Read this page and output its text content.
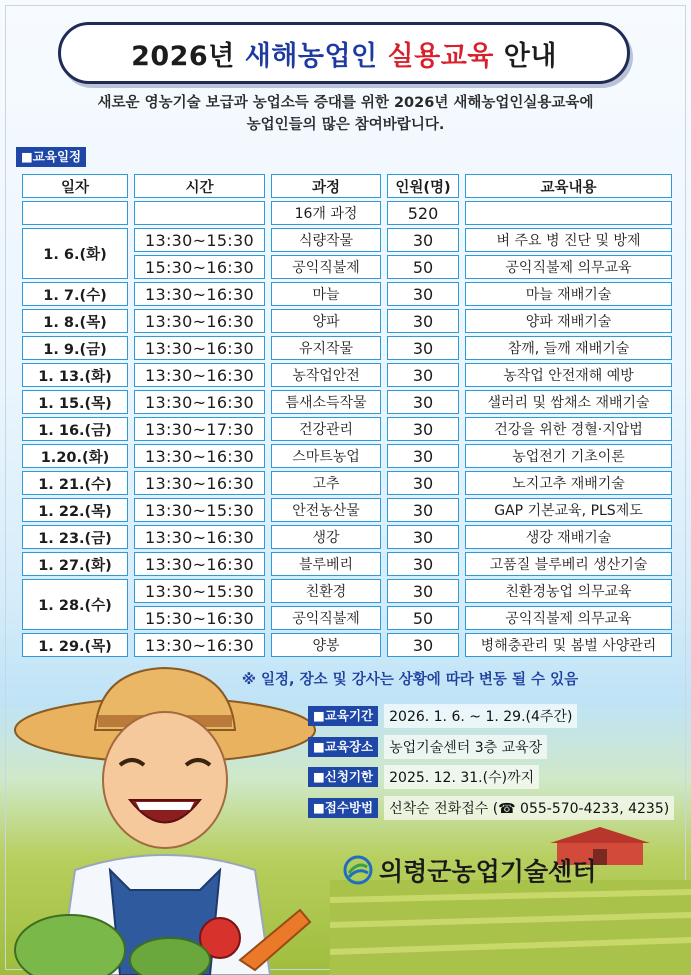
2026년
새해농업인
실용교육
안내
새로운 영농기술 보급과 농업소득 증대를 위한 2026년 새해농업인실용교육에
농업인들의 많은 참여바랍니다.
■교육일정
일자	시간	과정	인원(명)	교육내용
		16개 과정	520	
1. 6.(화)	13:30~15:30	식량작물	30	벼 주요 병 진단 및 방제
	15:30~16:30	공익직불제	50	공익직불제 의무교육
1. 7.(수)	13:30~16:30	마늘	30	마늘 재배기술
1. 8.(목)	13:30~16:30	양파	30	양파 재배기술
1. 9.(금)	13:30~16:30	유지작물	30	참깨, 들깨 재배기술
1. 13.(화)	13:30~16:30	농작업안전	30	농작업 안전재해 예방
1. 15.(목)	13:30~16:30	틈새소득작물	30	샐러리 및 쌈채소 재배기술
1. 16.(금)	13:30~17:30	건강관리	30	건강을 위한 경혈·지압법
1.20.(화)	13:30~16:30	스마트농업	30	농업전기 기초이론
1. 21.(수)	13:30~16:30	고추	30	노지고추 재배기술
1. 22.(목)	13:30~15:30	안전농산물	30	GAP 기본교육, PLS제도
1. 23.(금)	13:30~16:30	생강	30	생강 재배기술
1. 27.(화)	13:30~16:30	블루베리	30	고품질 블루베리 생산기술
1. 28.(수)	13:30~15:30	친환경	30	친환경농업 의무교육
	15:30~16:30	공익직불제	50	공익직불제 의무교육
1. 29.(목)	13:30~16:30	양봉	30	병해충관리 및 봄벌 사양관리
※ 일정, 장소 및 강사는 상황에 따라 변동 될 수 있음
■교육기간	2026. 1. 6. ~ 1. 29.(4주간)
■교육장소	농업기술센터 3층 교육장
■신청기한	2025. 12. 31.(수)까지
■접수방법	선착순 전화접수 (☎ 055-570-4233, 4235)
의령군농업기술센터
